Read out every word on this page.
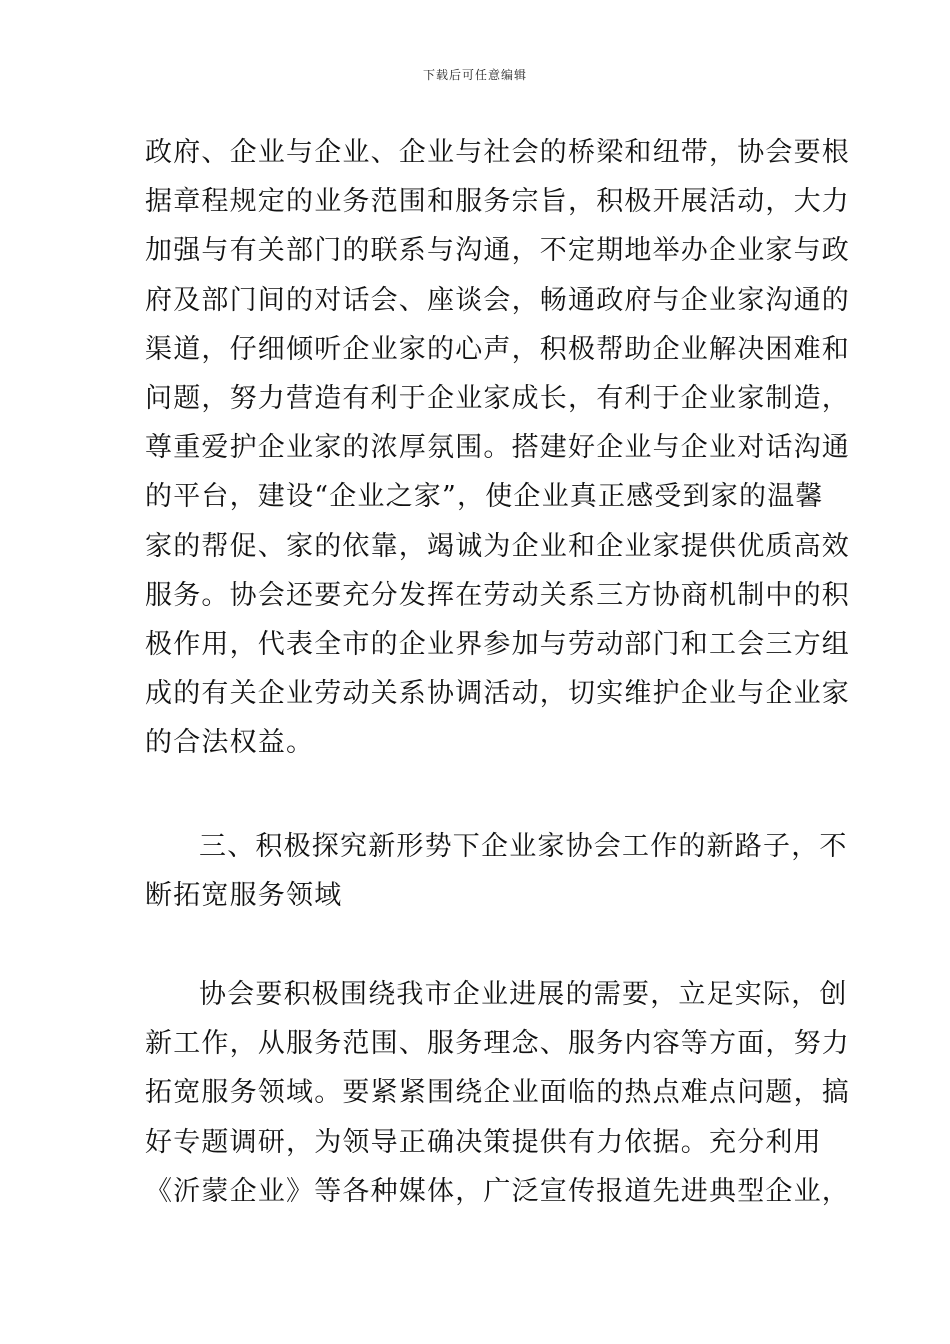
下载后可任意编辑
政府、企业与企业、企业与社会的桥梁和纽带，协会要根
据章程规定的业务范围和服务宗旨，积极开展活动，大力
加强与有关部门的联系与沟通，不定期地举办企业家与政
府及部门间的对话会、座谈会，畅通政府与企业家沟通的
渠道，仔细倾听企业家的心声，积极帮助企业解决困难和
问题，努力营造有利于企业家成长，有利于企业家制造，
尊重爱护企业家的浓厚氛围。搭建好企业与企业对话沟通
的平台，建设“企业之家”，使企业真正感受到家的温馨
家的帮促、家的依靠，竭诚为企业和企业家提供优质高效
服务。协会还要充分发挥在劳动关系三方协商机制中的积
极作用，代表全市的企业界参加与劳动部门和工会三方组
成的有关企业劳动关系协调活动，切实维护企业与企业家
的合法权益。
三、积极探究新形势下企业家协会工作的新路子，不
断拓宽服务领域
协会要积极围绕我市企业进展的需要，立足实际，创
新工作，从服务范围、服务理念、服务内容等方面，努力
拓宽服务领域。要紧紧围绕企业面临的热点难点问题，搞
好专题调研，为领导正确决策提供有力依据。充分利用
《沂蒙企业》等各种媒体，广泛宣传报道先进典型企业，
